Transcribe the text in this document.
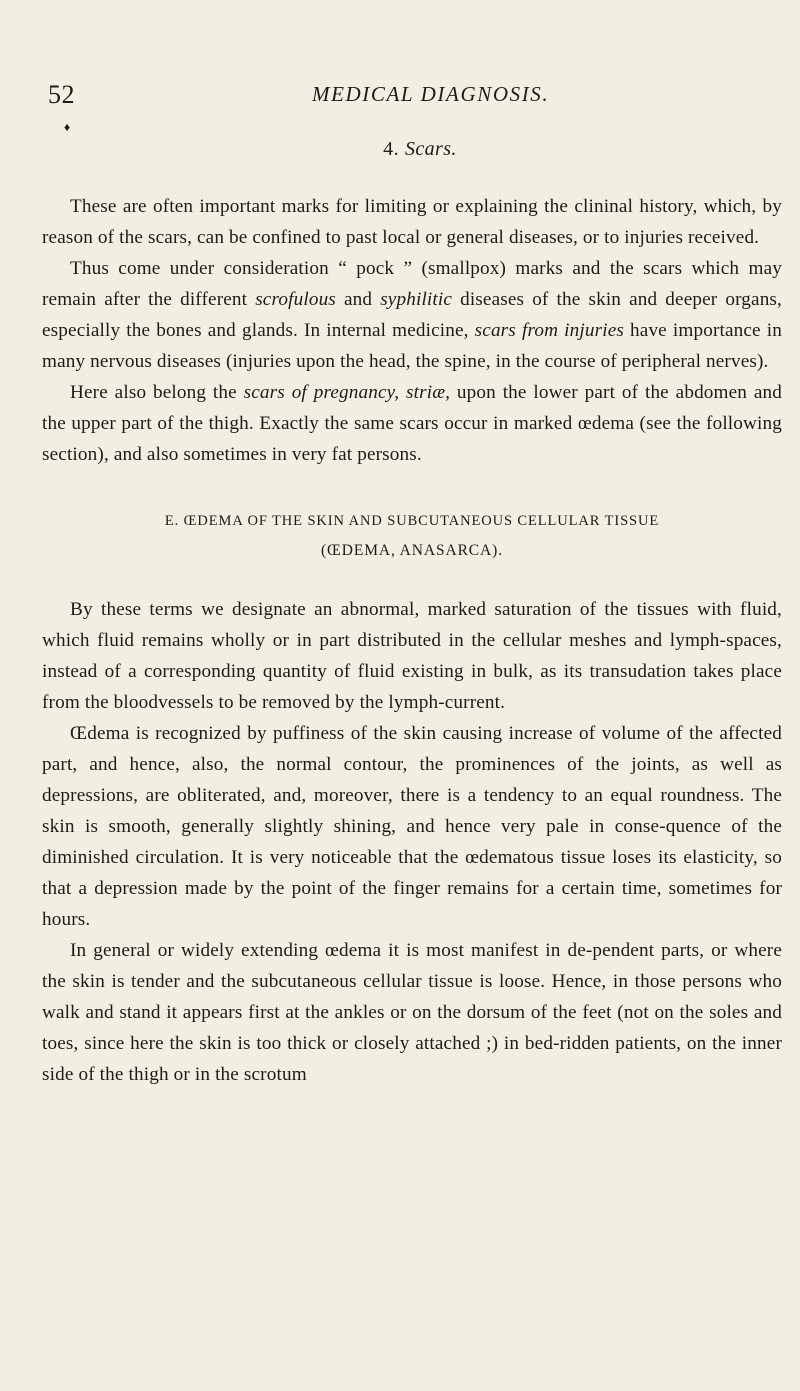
52	MEDICAL DIAGNOSIS.
♦
4. Scars.

These are often important marks for limiting or explaining the clininal history, which, by reason of the scars, can be confined to past local or general diseases, or to injuries received.

Thus come under consideration “ pock ” (smallpox) marks and the scars which may remain after the different scrofulous and syphilitic diseases of the skin and deeper organs, especially the bones and glands. In internal medicine, scars from injuries have importance in many nervous diseases (injuries upon the head, the spine, in the course of peripheral nerves).

Here also belong the scars of pregnancy, striæ, upon the lower part of the abdomen and the upper part of the thigh. Exactly the same scars occur in marked œdema (see the following section), and also sometimes in very fat persons.

E. ŒDEMA OF THE SKIN AND SUBCUTANEOUS CELLULAR TISSUE
(ŒDEMA, ANASARCA).

By these terms we designate an abnormal, marked saturation of the tissues with fluid, which fluid remains wholly or in part distributed in the cellular meshes and lymph-spaces, instead of a corresponding quantity of fluid existing in bulk, as its transudation takes place from the bloodvessels to be removed by the lymph-current.

Œdema is recognized by puffiness of the skin causing increase of volume of the affected part, and hence, also, the normal contour, the prominences of the joints, as well as depressions, are obliterated, and, moreover, there is a tendency to an equal roundness. The skin is smooth, generally slightly shining, and hence very pale in conse-quence of the diminished circulation. It is very noticeable that the œdematous tissue loses its elasticity, so that a depression made by the point of the finger remains for a certain time, sometimes for hours.

In general or widely extending œdema it is most manifest in de-pendent parts, or where the skin is tender and the subcutaneous cellular tissue is loose. Hence, in those persons who walk and stand it appears first at the ankles or on the dorsum of the feet (not on the soles and toes, since here the skin is too thick or closely attached ;) in bed-ridden patients, on the inner side of the thigh or in the scrotum
